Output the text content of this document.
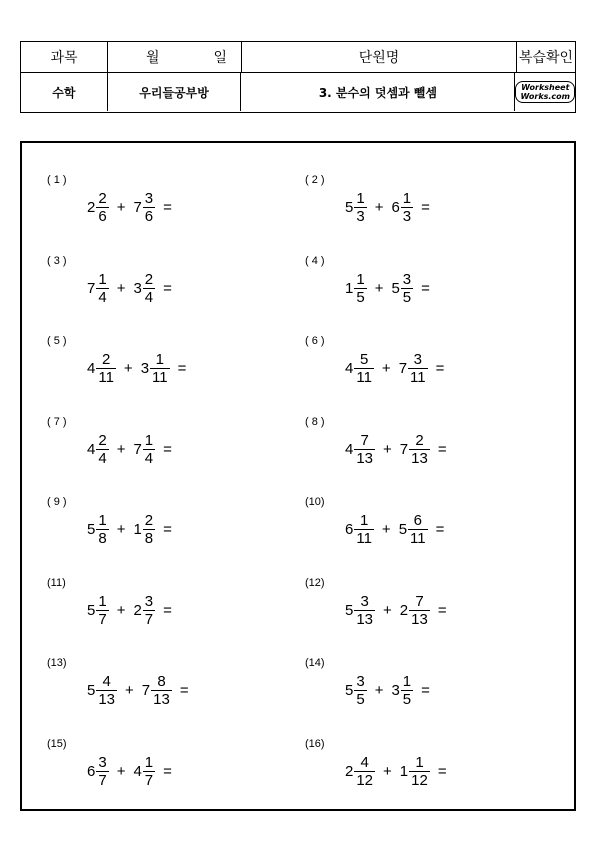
과목	월	일	단원명	복습확인
수학	우리들공부방	3. 분수의 덧셈과 뺄셈	Worksheet
Works.com
( 1 )
$2 \frac{2}{6} + 7 \frac{3}{6}$ =
( 2 )
$5 \frac{1}{3} + 6 \frac{1}{3}$ =
( 3 )
$7 \frac{1}{4} + 3 \frac{2}{4}$ =
( 4 )
$1 \frac{1}{5} + 5 \frac{3}{5}$ =
( 5 )
$4 \frac{2}{11} + 3 \frac{1}{11}$ =
( 6 )
$4 \frac{5}{11} + 7 \frac{3}{11}$ =
( 7 )
$4 \frac{2}{4} + 7 \frac{1}{4}$ =
( 8 )
$4 \frac{7}{13} + 7 \frac{2}{13}$ =
( 9 )
$5 \frac{1}{8} + 1 \frac{2}{8}$ =
(10)
$6 \frac{1}{11} + 5 \frac{6}{11}$ =
(11)
$5 \frac{1}{7} + 2 \frac{3}{7}$ =
(12)
$5 \frac{3}{13} + 2 \frac{7}{13}$ =
(13)
$5 \frac{4}{13} + 7 \frac{8}{13}$ =
(14)
$5 \frac{3}{5} + 3 \frac{1}{5}$ =
(15)
$6 \frac{3}{7} + 4 \frac{1}{7}$ =
(16)
$2 \frac{4}{12} + 1 \frac{1}{12}$ =
